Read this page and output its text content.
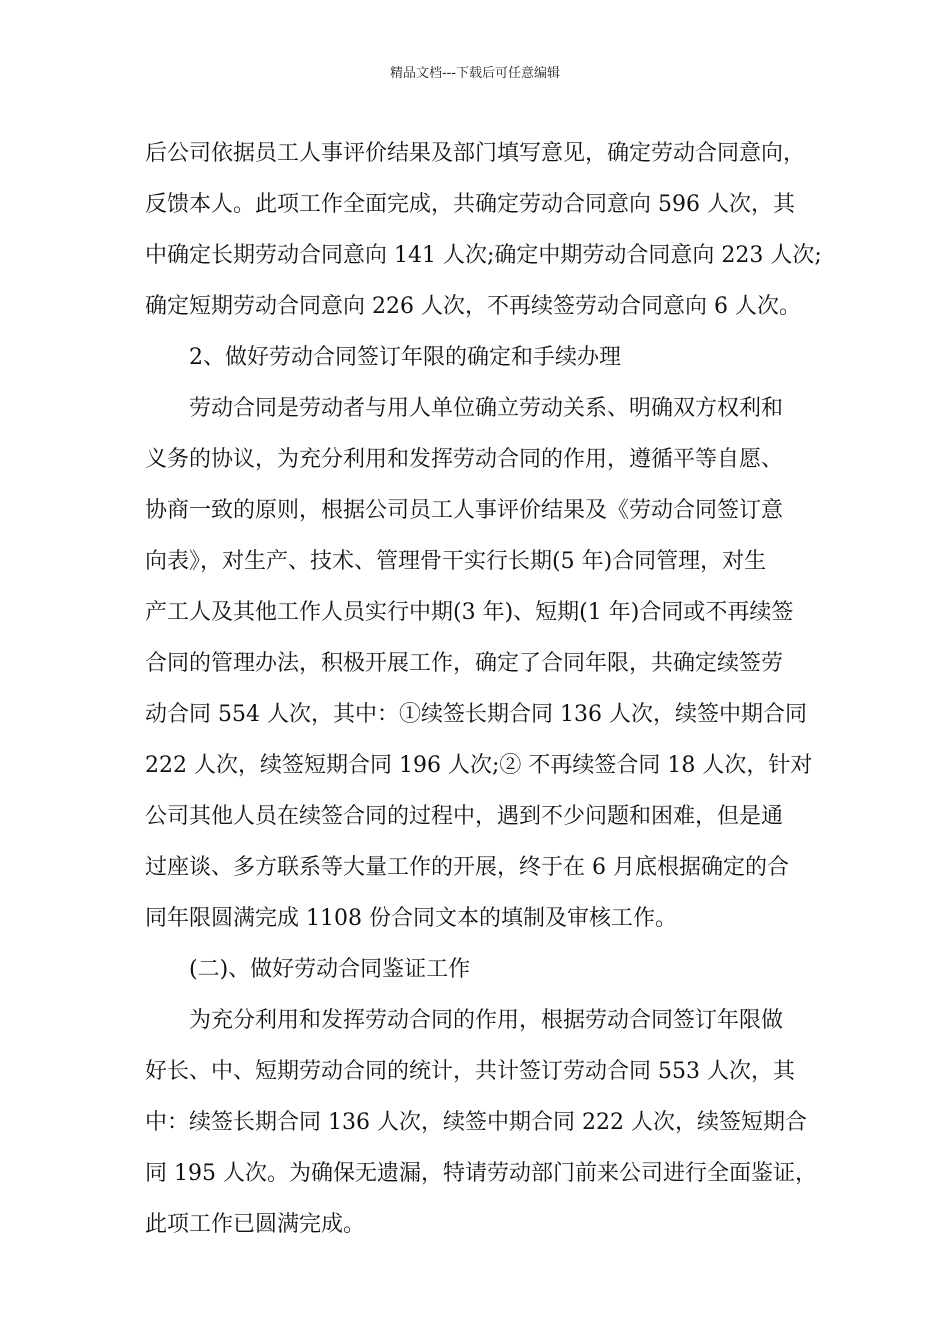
精品文档---下载后可任意编辑
后公司依据员工人事评价结果及部门填写意见，确定劳动合同意向，
反馈本人。此项工作全面完成，共确定劳动合同意向 596 人次，其
中确定长期劳动合同意向 141 人次;确定中期劳动合同意向 223 人次;
确定短期劳动合同意向 226 人次，不再续签劳动合同意向 6 人次。
2、做好劳动合同签订年限的确定和手续办理
劳动合同是劳动者与用人单位确立劳动关系、明确双方权利和
义务的协议，为充分利用和发挥劳动合同的作用，遵循平等自愿、
协商一致的原则，根据公司员工人事评价结果及《劳动合同签订意
向表》，对生产、技术、管理骨干实行长期(5 年)合同管理，对生
产工人及其他工作人员实行中期(3 年)、短期(1 年)合同或不再续签
合同的管理办法，积极开展工作，确定了合同年限，共确定续签劳
动合同 554 人次，其中：①续签长期合同 136 人次，续签中期合同
222 人次，续签短期合同 196 人次;② 不再续签合同 18 人次，针对
公司其他人员在续签合同的过程中，遇到不少问题和困难，但是通
过座谈、多方联系等大量工作的开展，终于在 6 月底根据确定的合
同年限圆满完成 1108 份合同文本的填制及审核工作。
(二)、做好劳动合同鉴证工作
为充分利用和发挥劳动合同的作用，根据劳动合同签订年限做
好长、中、短期劳动合同的统计，共计签订劳动合同 553 人次，其
中：续签长期合同 136 人次，续签中期合同 222 人次，续签短期合
同 195 人次。为确保无遗漏，特请劳动部门前来公司进行全面鉴证，
此项工作已圆满完成。
